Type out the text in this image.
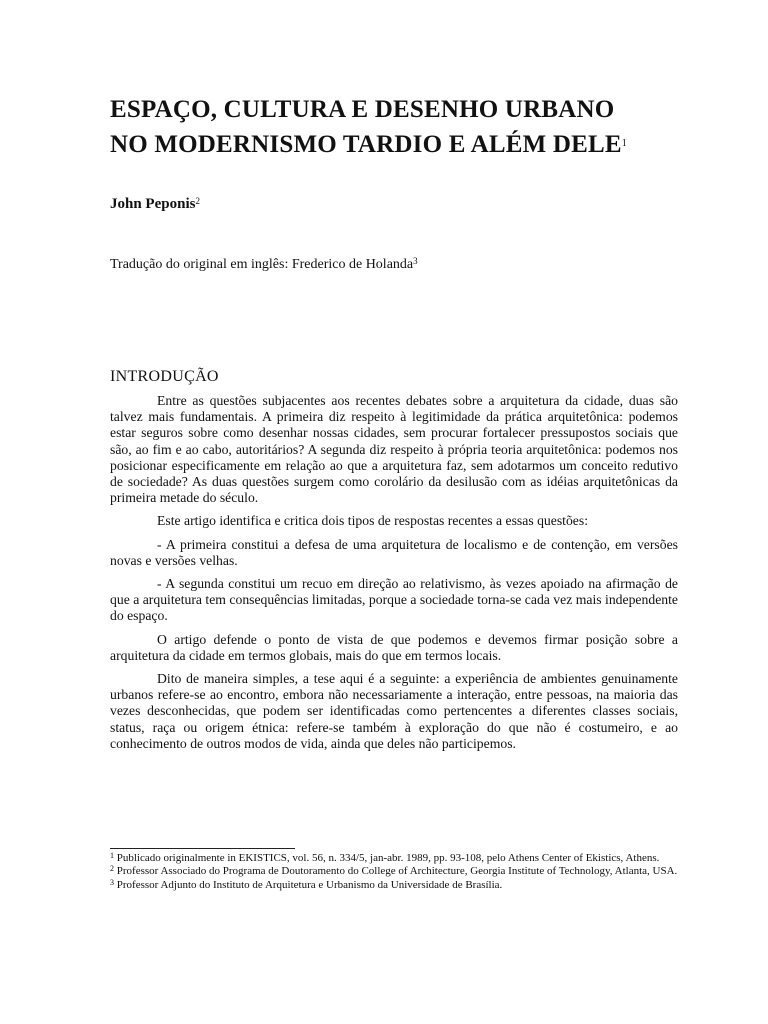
ESPAÇO, CULTURA E DESENHO URBANO
NO MODERNISMO TARDIO E ALÉM DELE$^1$
John Peponis$^2$
Tradução do original em inglês: Frederico de Holanda$^3$
INTRODUÇÃO

Entre as questões subjacentes aos recentes debates sobre a arquitetura da cidade, duas são talvez mais fundamentais. A primeira diz respeito à legitimidade da prática arquitetônica: podemos estar seguros sobre como desenhar nossas cidades, sem procurar fortalecer pressupostos sociais que são, ao fim e ao cabo, autoritários? A segunda diz respeito à própria teoria arquitetônica: podemos nos posicionar especificamente em relação ao que a arquitetura faz, sem adotarmos um conceito redutivo de sociedade? As duas questões surgem como corolário da desilusão com as idéias arquitetônicas da primeira metade do século.

Este artigo identifica e critica dois tipos de respostas recentes a essas questões:

- A primeira constitui a defesa de uma arquitetura de localismo e de contenção, em versões novas e versões velhas.

- A segunda constitui um recuo em direção ao relativismo, às vezes apoiado na afirmação de que a arquitetura tem consequências limitadas, porque a sociedade torna-se cada vez mais independente do espaço.

O artigo defende o ponto de vista de que podemos e devemos firmar posição sobre a arquitetura da cidade em termos globais, mais do que em termos locais.

Dito de maneira simples, a tese aqui é a seguinte: a experiência de ambientes genuinamente urbanos refere-se ao encontro, embora não necessariamente a interação, entre pessoas, na maioria das vezes desconhecidas, que podem ser identificadas como pertencentes a diferentes classes sociais, status, raça ou origem étnica: refere-se também à exploração do que não é costumeiro, e ao conhecimento de outros modos de vida, ainda que deles não participemos.

$^1$ Publicado originalmente in EKISTICS, vol. 56, n. 334/5, jan-abr. 1989, pp. 93-108, pelo Athens Center of Ekistics, Athens.

$^2$ Professor Associado do Programa de Doutoramento do College of Architecture, Georgia Institute of Technology, Atlanta, USA.

$^3$ Professor Adjunto do Instituto de Arquitetura e Urbanismo da Universidade de Brasília.
